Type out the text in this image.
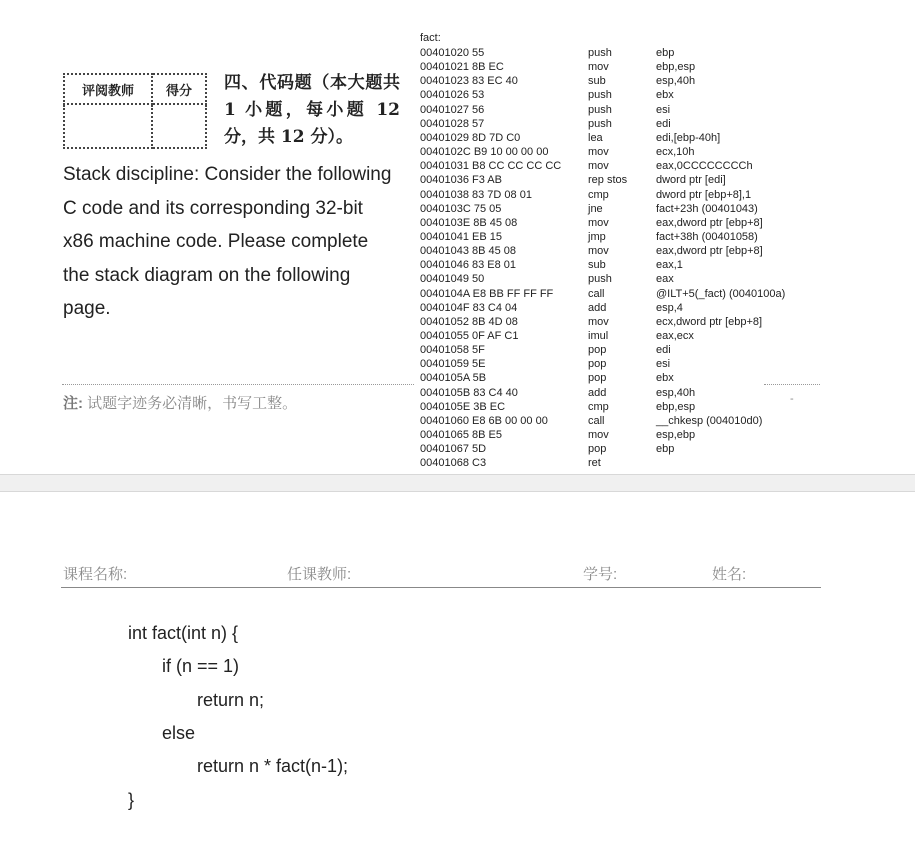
评阅教师	得分
	四、代码题（本大题共 1 小题，每小题 12 分，共 12 分）。
Stack discipline: Consider the following
C code and its corresponding 32-bit
x86 machine code. Please complete
the stack diagram on the following
page.
注: 试题字迹务必清晰，书写工整。	-
fact:
00401020 55	push	ebp
00401021 8B EC	mov	ebp,esp
00401023 83 EC 40	sub	esp,40h
00401026 53	push	ebx
00401027 56	push	esi
00401028 57	push	edi
00401029 8D 7D C0	lea	edi,[ebp-40h]
0040102C B9 10 00 00 00	mov	ecx,10h
00401031 B8 CC CC CC CC mov	eax,0CCCCCCCCh
00401036 F3 AB	rep stos	dword ptr [edi]
00401038 83 7D 08 01	cmp	dword ptr [ebp+8],1
0040103C 75 05	jne	fact+23h (00401043)
0040103E 8B 45 08	mov	eax,dword ptr [ebp+8]
00401041 EB 15	jmp	fact+38h (00401058)
00401043 8B 45 08	mov	eax,dword ptr [ebp+8]
00401046 83 E8 01	sub	eax,1
00401049 50	push	eax
0040104A E8 BB FF FF FF	call	@ILT+5(_fact) (0040100a)
0040104F 83 C4 04	add	esp,4
00401052 8B 4D 08	mov	ecx,dword ptr [ebp+8]
00401055 0F AF C1	imul	eax,ecx
00401058 5F	pop	edi
00401059 5E	pop	esi
0040105A 5B	pop	ebx
0040105B 83 C4 40	add	esp,40h
0040105E 3B EC	cmp	ebp,esp
00401060 E8 6B 00 00 00	call	__chkesp (004010d0)
00401065 8B E5	mov	esp,ebp
00401067 5D	pop	ebp
00401068 C3	ret
课程名称:	任课教师:	学号:	姓名:
int fact(int n) {
if (n == 1)
return n;
else
return n * fact(n-1);
}
